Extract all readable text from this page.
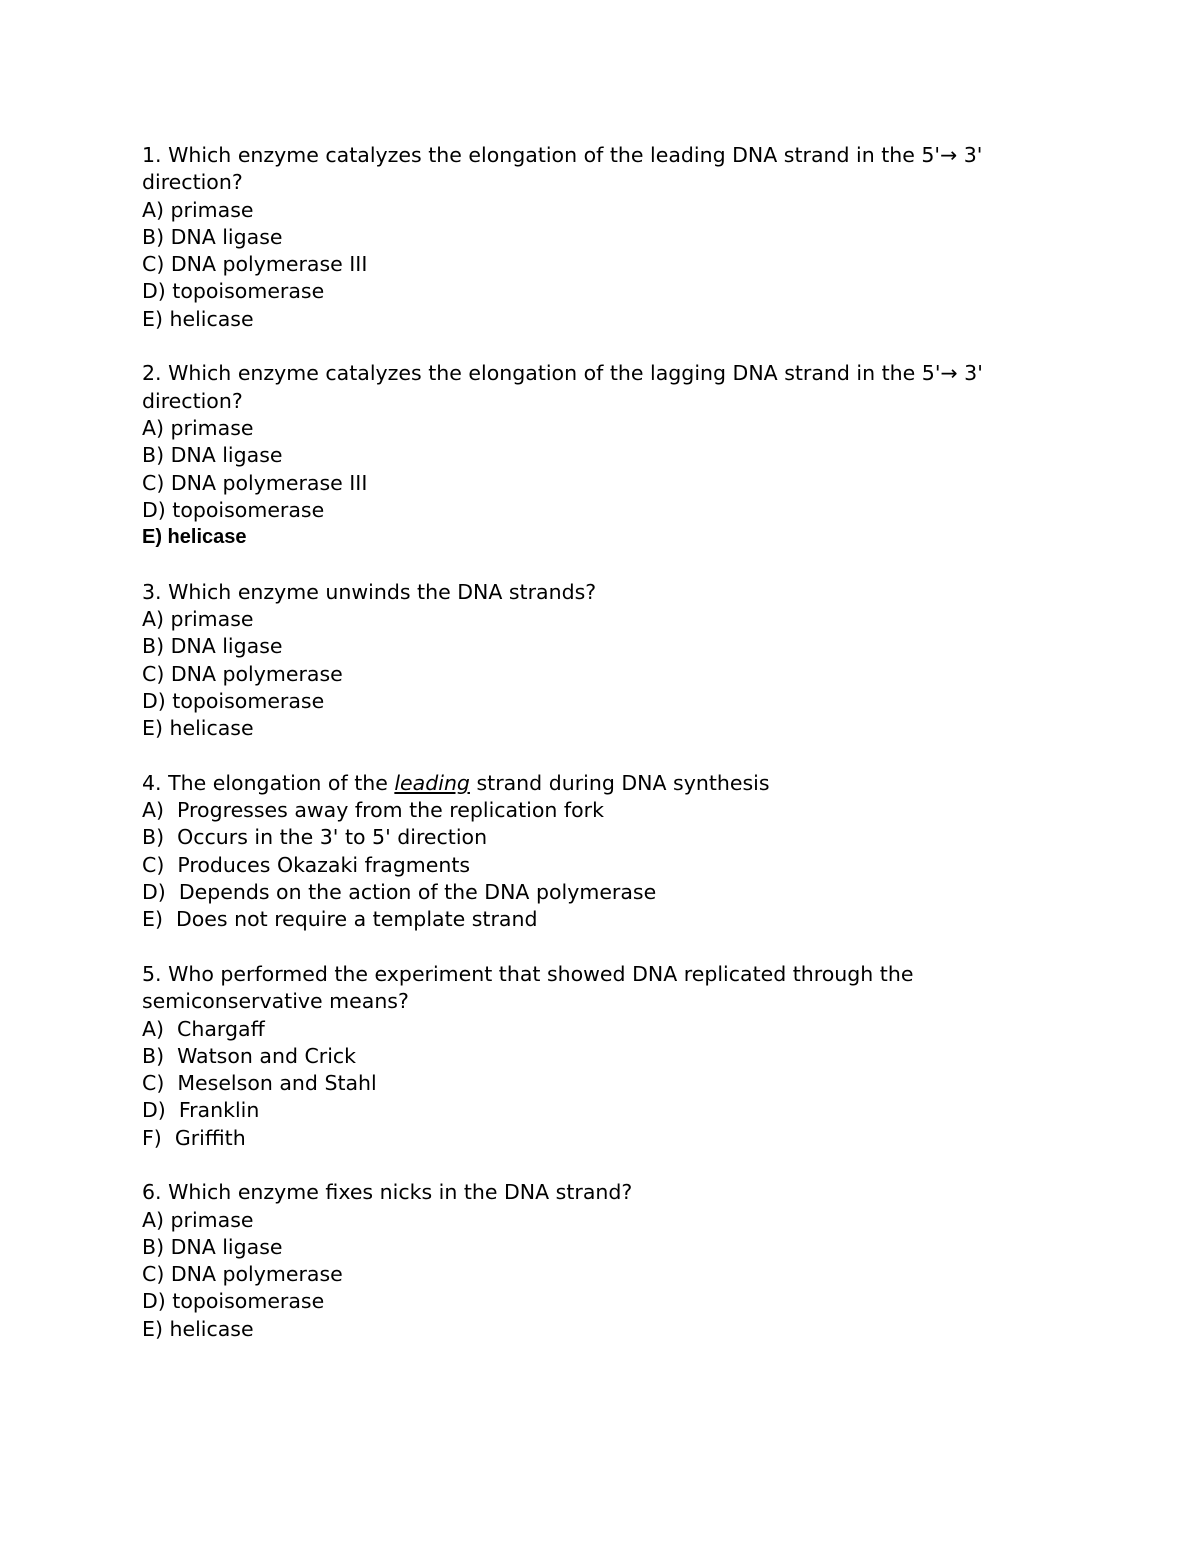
1. Which enzyme catalyzes the elongation of the leading DNA strand in the 5'→ 3' direction?
A) primase
B) DNA ligase
C) DNA polymerase III
D) topoisomerase
E) helicase
2. Which enzyme catalyzes the elongation of the lagging DNA strand in the 5'→ 3' direction?
A) primase
B) DNA ligase
C) DNA polymerase III
D) topoisomerase
E) helicase
3. Which enzyme unwinds the DNA strands?
A) primase
B) DNA ligase
C) DNA polymerase
D) topoisomerase
E) helicase
4. The elongation of the leading strand during DNA synthesis
A)  Progresses away from the replication fork
B)  Occurs in the 3' to 5' direction
C)  Produces Okazaki fragments
D)  Depends on the action of the DNA polymerase
E)  Does not require a template strand
5. Who performed the experiment that showed DNA replicated through the semiconservative means?
A)  Chargaff
B)  Watson and Crick
C)  Meselson and Stahl
D)  Franklin
F)  Griffith
6. Which enzyme fixes nicks in the DNA strand?
A) primase
B) DNA ligase
C) DNA polymerase
D) topoisomerase
E) helicase
